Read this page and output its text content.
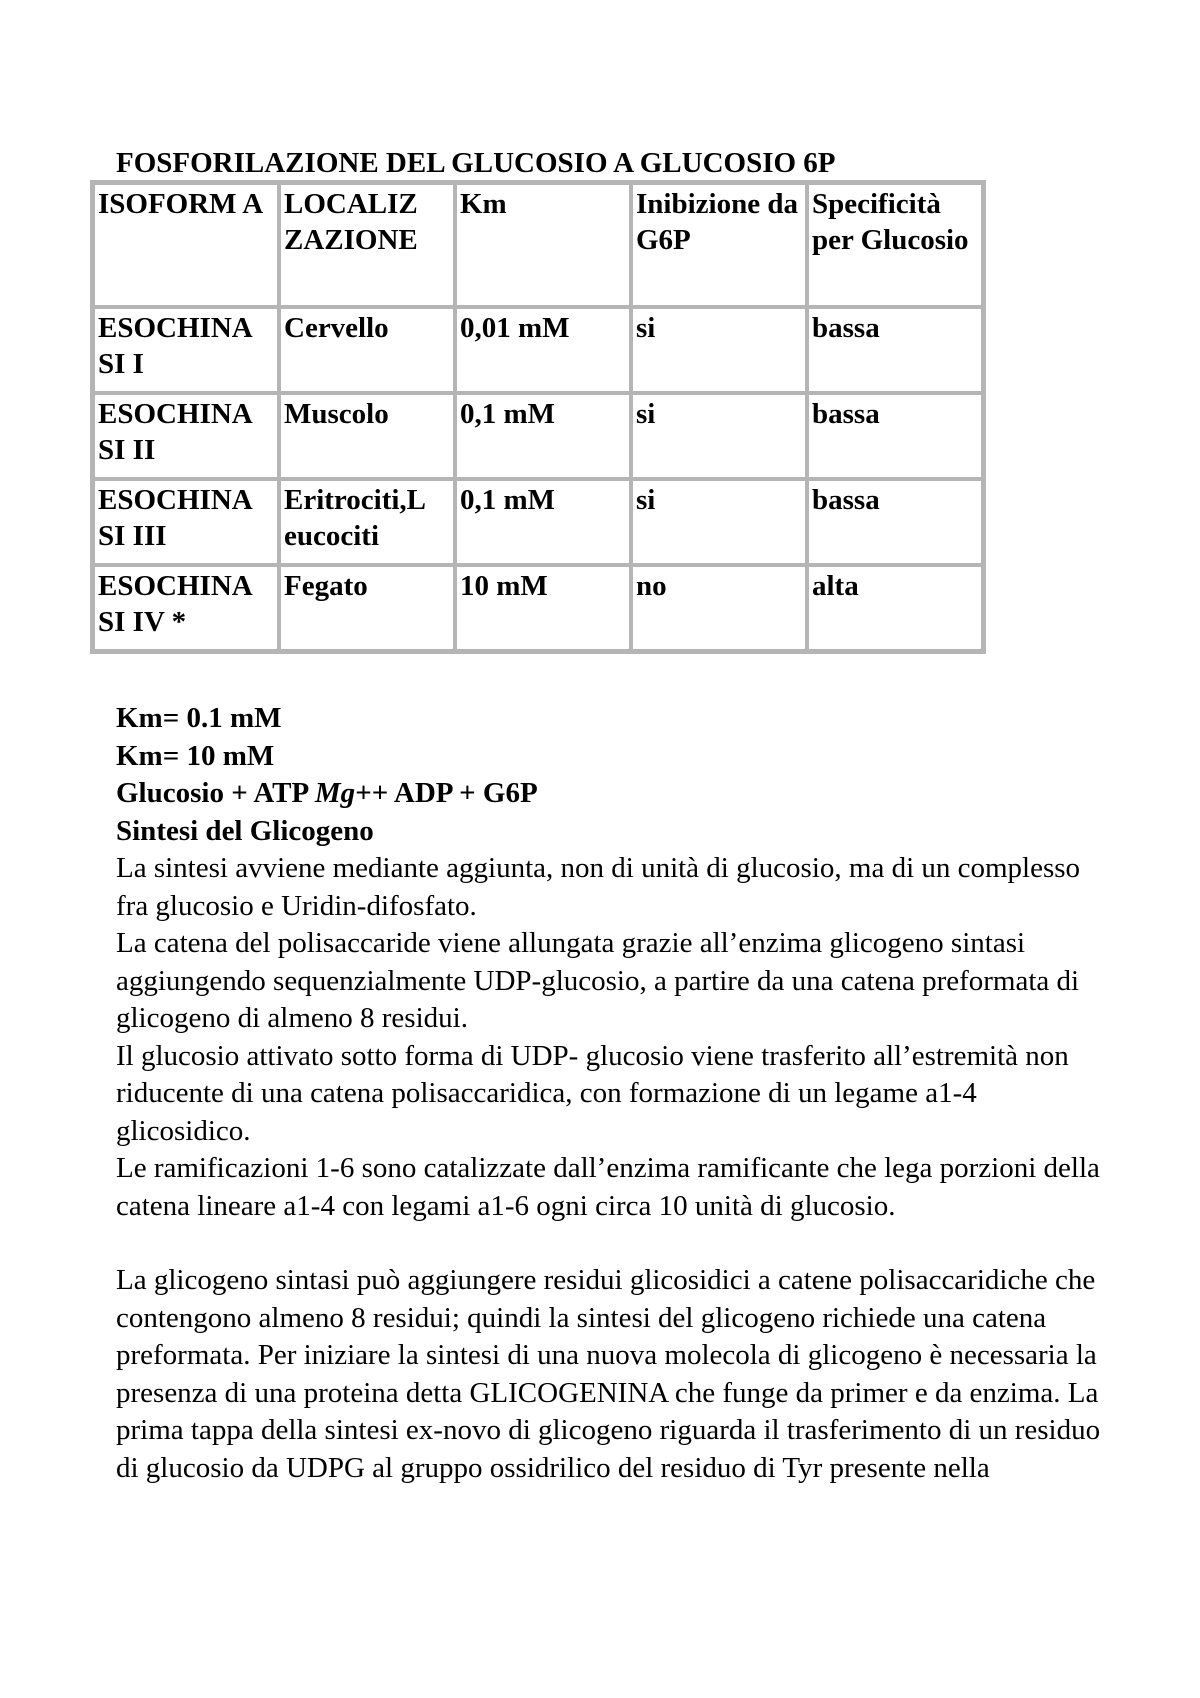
FOSFORILAZIONE DEL GLUCOSIO A GLUCOSIO 6P
ISOFORM A	LOCALIZ ZAZIONE	Km	Inibizione da G6P	Specificità per Glucosio
ESOCHINA SI I	Cervello	0,01 mM	si	bassa
ESOCHINA SI II	Muscolo	0,1 mM	si	bassa
ESOCHINA SI III	Eritrociti,L eucociti	0,1 mM	si	bassa
ESOCHINA SI IV *	Fegato	10 mM	no	alta

Km= 0.1 mM

Km= 10 mM

Glucosio + ATP Mg++ ADP + G6P

Sintesi del Glicogeno

La sintesi avviene mediante aggiunta, non di unità di glucosio, ma di un complesso fra glucosio e Uridin-difosfato.

La catena del polisaccaride viene allungata grazie all’enzima glicogeno sintasi aggiungendo sequenzialmente UDP-glucosio, a partire da una catena preformata di glicogeno di almeno 8 residui.

Il glucosio attivato sotto forma di UDP- glucosio viene trasferito all’estremità non riducente di una catena polisaccaridica, con formazione di un legame a1-4 glicosidico.

Le ramificazioni 1-6 sono catalizzate dall’enzima ramificante che lega porzioni della catena lineare a1-4 con legami a1-6 ogni circa 10 unità di glucosio.

La glicogeno sintasi può aggiungere residui glicosidici a catene polisaccaridiche che contengono almeno 8 residui; quindi la sintesi del glicogeno richiede una catena preformata. Per iniziare la sintesi di una nuova molecola di glicogeno è necessaria la presenza di una proteina detta GLICOGENINA che funge da primer e da enzima. La prima tappa della sintesi ex-novo di glicogeno riguarda il trasferimento di un residuo di glucosio da UDPG al gruppo ossidrilico del residuo di Tyr presente nella
